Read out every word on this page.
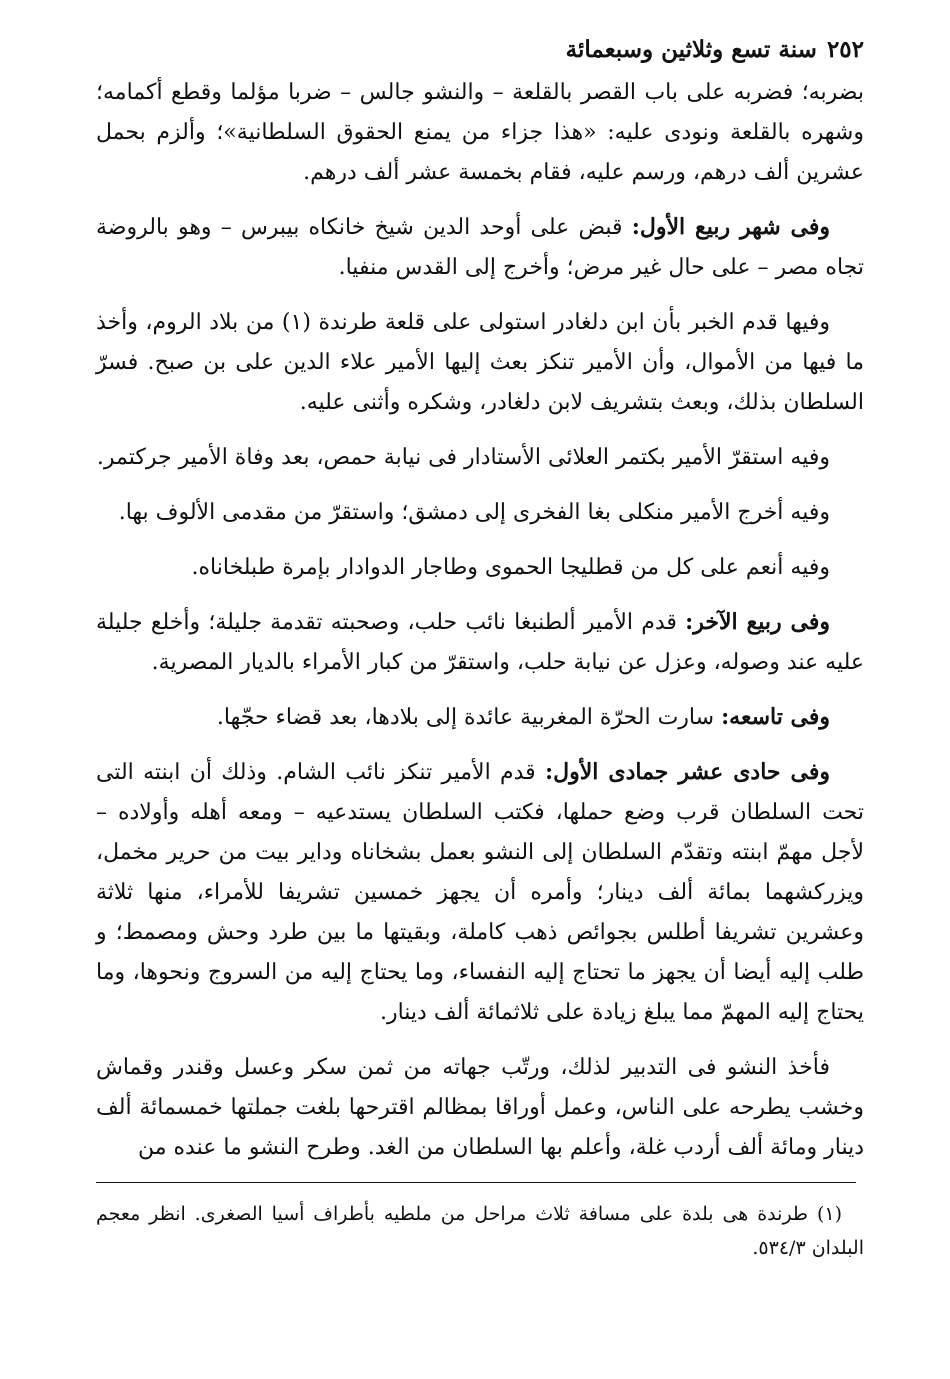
٢٥٢
سنة تسع وثلاثين وسبعمائة

بضربه؛ فضربه على باب القصر بالقلعة – والنشو جالس – ضربا مؤلما وقطع أكمامه؛ وشهره بالقلعة ونودى عليه: «هذا جزاء من يمنع الحقوق السلطانية»؛ وألزم بحمل عشرين ألف درهم، ورسم عليه، فقام بخمسة عشر ألف درهم.

وفى شهر ربيع الأول: قبض على أوحد الدين شيخ خانكاه بيبرس – وهو بالروضة تجاه مصر – على حال غير مرض؛ وأخرج إلى القدس منفيا.

وفيها قدم الخبر بأن ابن دلغادر استولى على قلعة طرندة (١) من بلاد الروم، وأخذ ما فيها من الأموال، وأن الأمير تنكز بعث إليها الأمير علاء الدين على بن صبح. فسرّ السلطان بذلك، وبعث بتشريف لابن دلغادر، وشكره وأثنى عليه.

وفيه استقرّ الأمير بكتمر العلائى الأستادار فى نيابة حمص، بعد وفاة الأمير جركتمر.

وفيه أخرج الأمير منكلى بغا الفخرى إلى دمشق؛ واستقرّ من مقدمى الألوف بها.

وفيه أنعم على كل من قطليجا الحموى وطاجار الدوادار بإمرة طبلخاناه.

وفى ربيع الآخر: قدم الأمير ألطنبغا نائب حلب، وصحبته تقدمة جليلة؛ وأخلع جليلة عليه عند وصوله، وعزل عن نيابة حلب، واستقرّ من كبار الأمراء بالديار المصرية.

وفى تاسعه: سارت الحرّة المغربية عائدة إلى بلادها، بعد قضاء حجّها.

وفى حادى عشر جمادى الأول: قدم الأمير تنكز نائب الشام. وذلك أن ابنته التى تحت السلطان قرب وضع حملها، فكتب السلطان يستدعيه – ومعه أهله وأولاده – لأجل مهمّ ابنته وتقدّم السلطان إلى النشو بعمل بشخاناه وداير بيت من حرير مخمل، ويزركشهما بمائة ألف دينار؛ وأمره أن يجهز خمسين تشريفا للأمراء، منها ثلاثة وعشرين تشريفا أطلس بجوائص ذهب كاملة، وبقيتها ما بين طرد وحش ومصمط؛ و طلب إليه أيضا أن يجهز ما تحتاج إليه النفساء، وما يحتاج إليه من السروج ونحوها، وما يحتاج إليه المهمّ مما يبلغ زيادة على ثلاثمائة ألف دينار.

فأخذ النشو فى التدبير لذلك، ورتّب جهاته من ثمن سكر وعسل وقندر وقماش وخشب يطرحه على الناس، وعمل أوراقا بمظالم اقترحها بلغت جملتها خمسمائة ألف دينار ومائة ألف أردب غلة، وأعلم بها السلطان من الغد. وطرح النشو ما عنده من

(١) طرندة هى بلدة على مسافة ثلاث مراحل من ملطيه بأطراف أسيا الصغرى. انظر معجم البلدان ٥٣٤/٣.
